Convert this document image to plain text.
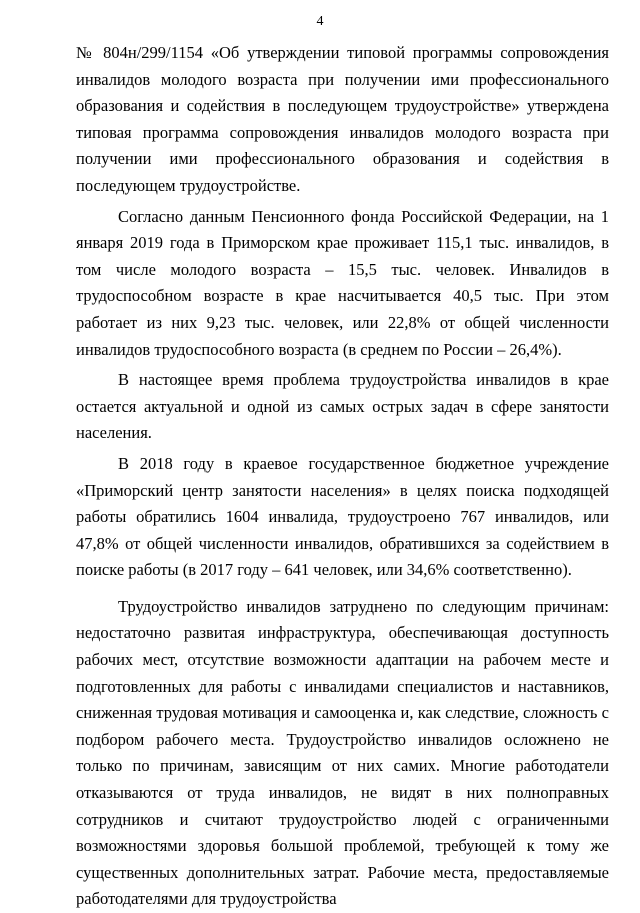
4

№ 804н/299/1154 «Об утверждении типовой программы сопровождения инвалидов молодого возраста при получении ими профессионального образования и содействия в последующем трудоустройстве» утверждена типовая программа сопровождения инвалидов молодого возраста при получении ими профессионального образования и содействия в последующем трудоустройстве.

Согласно данным Пенсионного фонда Российской Федерации, на 1 января 2019 года в Приморском крае проживает 115,1 тыс. инвалидов, в том числе молодого возраста – 15,5 тыс. человек. Инвалидов в трудоспособном возрасте в крае насчитывается 40,5 тыс. При этом работает из них 9,23 тыс. человек, или 22,8% от общей численности инвалидов трудоспособного возраста (в среднем по России – 26,4%).

В настоящее время проблема трудоустройства инвалидов в крае остается актуальной и одной из самых острых задач в сфере занятости населения.

В 2018 году в краевое государственное бюджетное учреждение «Приморский центр занятости населения» в целях поиска подходящей работы обратились 1604 инвалида, трудоустроено 767 инвалидов, или 47,8% от общей численности инвалидов, обратившихся за содействием в поиске работы (в 2017 году – 641 человек, или 34,6% соответственно).

Трудоустройство инвалидов затруднено по следующим причинам: недостаточно развитая инфраструктура, обеспечивающая доступность рабочих мест, отсутствие возможности адаптации на рабочем месте и подготовленных для работы с инвалидами специалистов и наставников, сниженная трудовая мотивация и самооценка и, как следствие, сложность с подбором рабочего места. Трудоустройство инвалидов осложнено не только по причинам, зависящим от них самих. Многие работодатели отказываются от труда инвалидов, не видят в них полноправных сотрудников и считают трудоустройство людей с ограниченными возможностями здоровья большой проблемой, требующей к тому же существенных дополнительных затрат. Рабочие места, предоставляемые работодателями для трудоустройства
